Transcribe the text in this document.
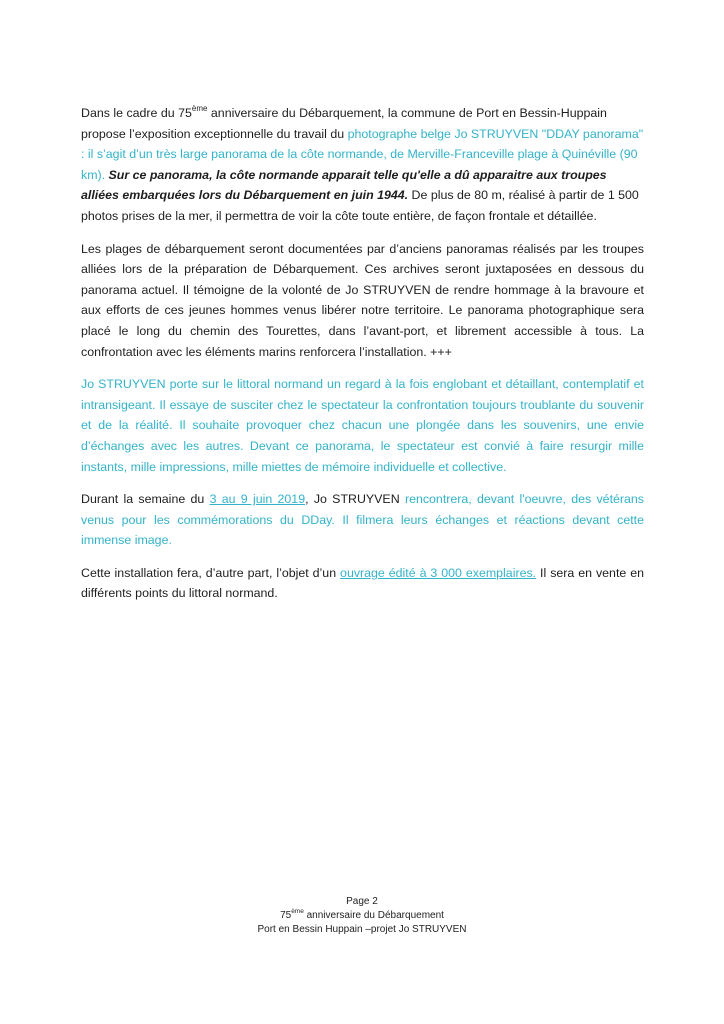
Dans le cadre du 75ème anniversaire du Débarquement, la commune de Port en Bessin-Huppain propose l’exposition exceptionnelle du travail du photographe belge Jo STRUYVEN "DDAY panorama" : il s’agit d’un très large panorama de la côte normande, de Merville-Franceville plage à Quinéville (90 km). Sur ce panorama, la côte normande apparait telle qu'elle a dû apparaitre aux troupes alliées embarquées lors du Débarquement en juin 1944. De plus de 80 m, réalisé à partir de 1 500 photos prises de la mer, il permettra de voir la côte toute entière, de façon frontale et détaillée.

Les plages de débarquement seront documentées par d’anciens panoramas réalisés par les troupes alliées lors de la préparation de Débarquement. Ces archives seront juxtaposées en dessous du panorama actuel. Il témoigne de la volonté de Jo STRUYVEN de rendre hommage à la bravoure et aux efforts de ces jeunes hommes venus libérer notre territoire. Le panorama photographique sera placé le long du chemin des Tourettes, dans l’avant-port, et librement accessible à tous. La confrontation avec les éléments marins renforcera l’installation. +++

Jo STRUYVEN porte sur le littoral normand un regard à la fois englobant et détaillant, contemplatif et intransigeant. Il essaye de susciter chez le spectateur la confrontation toujours troublante du souvenir et de la réalité. Il souhaite provoquer chez chacun une plongée dans les souvenirs, une envie d’échanges avec les autres. Devant ce panorama, le spectateur est convié à faire resurgir mille instants, mille impressions, mille miettes de mémoire individuelle et collective.

Durant la semaine du 3 au 9 juin 2019, Jo STRUYVEN rencontrera, devant l'oeuvre, des vétérans venus pour les commémorations du DDay. Il filmera leurs échanges et réactions devant cette immense image.

Cette installation fera, d’autre part, l’objet d’un ouvrage édité à 3 000 exemplaires. Il sera en vente en différents points du littoral normand.

Page 2
75ème anniversaire du Débarquement
Port en Bessin Huppain –projet Jo STRUYVEN
